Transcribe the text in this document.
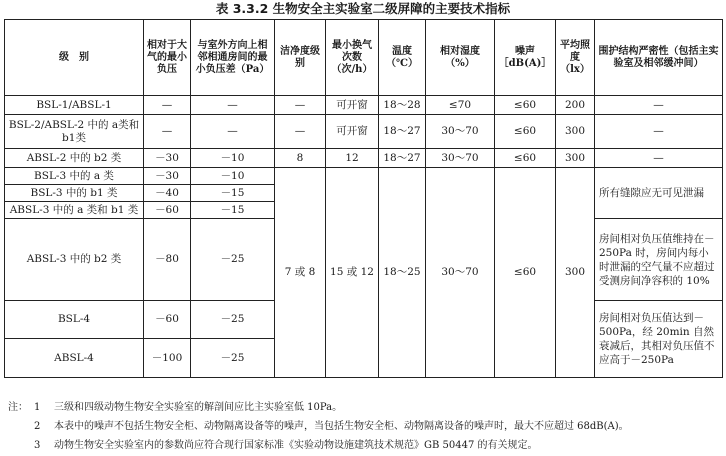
表 3.3.2 生物安全主实验室二级屏障的主要技术指标
级　别	相对于大气的最小负压	与室外方向上相邻相通房间的最小负压差（Pa）	洁净度级别	最小换气次数（次/h）	温度（℃）	相对湿度（%）	噪声［dB(A)］	平均照度（lx）	围护结构严密性（包括主实验室及相邻缓冲间）
BSL-1/ABSL-1	—	—	—	可开窗	18～28	≤70	≤60	200	—
BSL-2/ABSL-2 中的 a类和 b1类	—	—	—	可开窗	18～27	30～70	≤60	300	—
ABSL-2 中的 b2 类	－30	－10	8	12	18～27	30～70	≤60	300	—
BSL-3 中的 a 类	－30	－10	7 或 8	15 或 12	18～25	30～70	≤60	300	所有缝隙应无可见泄漏
BSL-3 中的 b1 类	－40	－15							
ABSL-3 中的 a 类和 b1 类	－60	－15							
ABSL-3 中的 b2 类	－80	－25							房间相对负压值维持在－250Pa 时，房间内每小时泄漏的空气量不应超过受测房间净容积的 10%
BSL-4	－60	－25							房间相对负压值达到－500Pa，经 20min 自然衰减后，其相对负压值不应高于－250Pa
ABSL-4	－100	－25							
注： 1	三级和四级动物生物安全实验室的解剖间应比主实验室低 10Pa。
2	本表中的噪声不包括生物安全柜、动物隔离设备等的噪声，当包括生物安全柜、动物隔离设备的噪声时，最大不应超过 68dB(A)。
3	动物生物安全实验室内的参数尚应符合现行国家标准《实验动物设施建筑技术规范》GB 50447 的有关规定。
